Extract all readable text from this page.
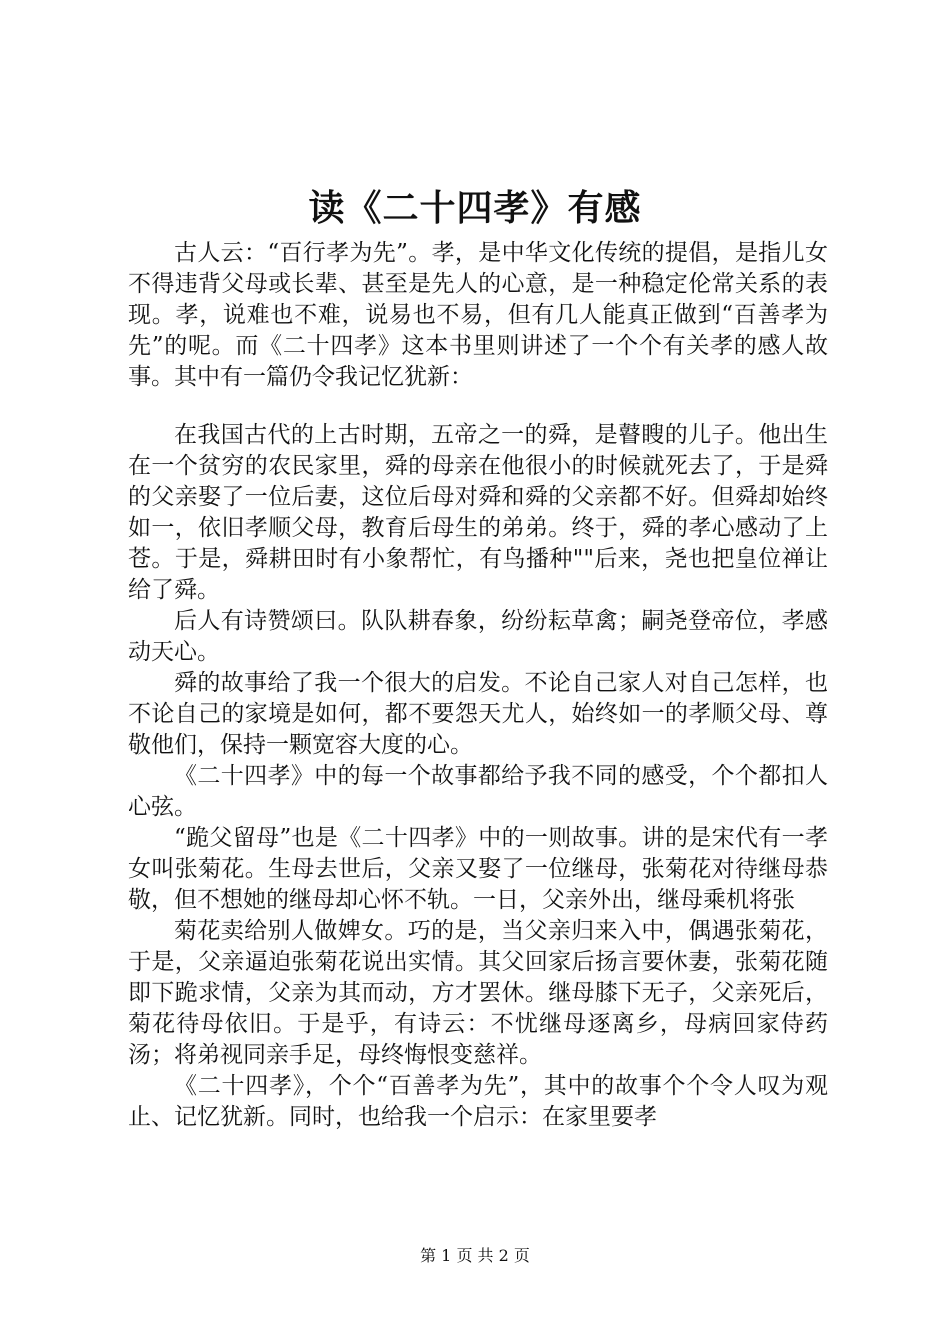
读《二十四孝》有感

古人云：“百行孝为先”。孝，是中华文化传统的提倡，是指儿女不得违背父母或长辈、甚至是先人的心意，是一种稳定伦常关系的表现。孝，说难也不难，说易也不易，但有几人能真正做到“百善孝为先”的呢。而《二十四孝》这本书里则讲述了一个个有关孝的感人故事。其中有一篇仍令我记忆犹新：

在我国古代的上古时期，五帝之一的舜，是瞽瞍的儿子。他出生在一个贫穷的农民家里，舜的母亲在他很小的时候就死去了，于是舜的父亲娶了一位后妻，这位后母对舜和舜的父亲都不好。但舜却始终如一，依旧孝顺父母，教育后母生的弟弟。终于，舜的孝心感动了上苍。于是，舜耕田时有小象帮忙，有鸟播种""后来，尧也把皇位禅让给了舜。

后人有诗赞颂曰。队队耕春象，纷纷耘草禽；嗣尧登帝位，孝感动天心。

舜的故事给了我一个很大的启发。不论自己家人对自己怎样，也不论自己的家境是如何，都不要怨天尤人，始终如一的孝顺父母、尊敬他们，保持一颗宽容大度的心。

《二十四孝》中的每一个故事都给予我不同的感受，个个都扣人心弦。

“跪父留母”也是《二十四孝》中的一则故事。讲的是宋代有一孝女叫张菊花。生母去世后，父亲又娶了一位继母，张菊花对待继母恭敬，但不想她的继母却心怀不轨。一日，父亲外出，继母乘机将张

菊花卖给别人做婢女。巧的是，当父亲归来入中，偶遇张菊花，于是，父亲逼迫张菊花说出实情。其父回家后扬言要休妻，张菊花随即下跪求情，父亲为其而动，方才罢休。继母膝下无子，父亲死后，菊花待母依旧。于是乎，有诗云：不忧继母逐离乡，母病回家侍药汤；将弟视同亲手足，母终悔恨变慈祥。

《二十四孝》，个个“百善孝为先”，其中的故事个个令人叹为观止、记忆犹新。同时，也给我一个启示：在家里要孝

第 1 页 共 2 页
